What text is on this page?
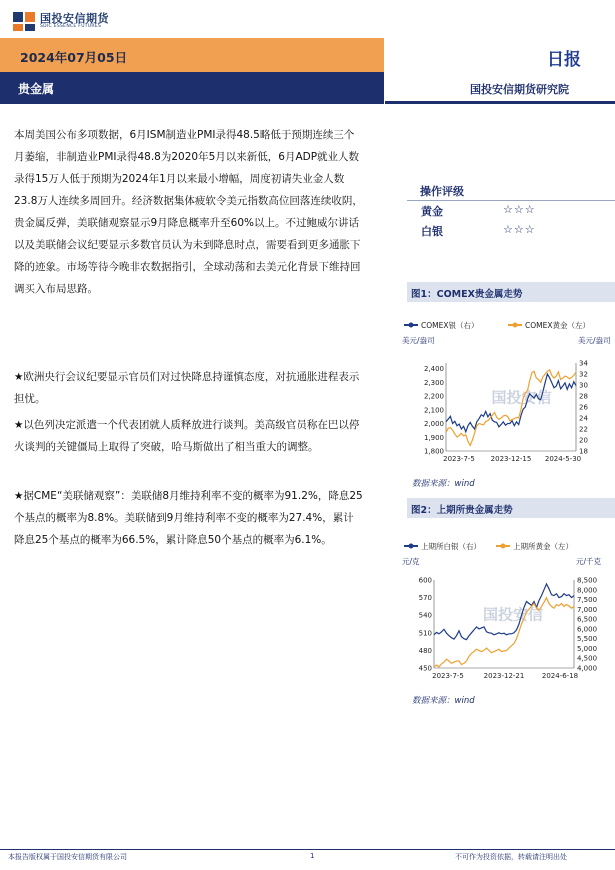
国投安信期货
SDIC ESSENCE FUTURES
2024年07月05日	日报
贵金属	国投安信期货研究院

本周美国公布多项数据，6月ISM制造业PMI录得48.5略低于预期连续三个月萎缩，非制造业PMI录得48.8为2020年5月以来新低，6月ADP就业人数录得15万人低于预期为2024年1月以来最小增幅，周度初请失业金人数23.8万人连续多周回升。经济数据集体疲软令美元指数高位回落连续收阴，贵金属反弹，美联储观察显示9月降息概率升至60%以上。不过鲍威尔讲话以及美联储会议纪要显示多数官员认为未到降息时点，需要看到更多通胀下降的迹象。市场等待今晚非农数据指引，全球动荡和去美元化背景下维持回调买入布局思路。

★欧洲央行会议纪要显示官员们对过快降息持谨慎态度，对抗通胀进程表示担忧。

★以色列决定派遣一个代表团就人质释放进行谈判。美高级官员称在巴以停火谈判的关键僵局上取得了突破，哈马斯做出了相当重大的调整。

★据CME“美联储观察”：美联储8月维持利率不变的概率为91.2%，降息25个基点的概率为8.8%。美联储到9月维持利率不变的概率为27.4%，累计降息25个基点的概率为66.5%，累计降息50个基点的概率为6.1%。

操作评级
黄金	☆☆☆
白银	☆☆☆
图1：COMEX贵金属走势
COMEX银（右）	COMEX黄金（左）
美元/盎司	美元/盎司
国投安信
1,800
1,900
2,000
2,100
2,200
2,300
2,400
18
20
22
24
26
28
30
32
34
2023-7-5 2023-12-15 2024-5-30
数据来源：wind
图2：上期所贵金属走势
上期所白银（右）	上期所黄金（左）
元/克	元/千克
国投安信
450
480
510
540
570
600
4,000
4,500
5,000
5,500
6,000
6,500
7,000
7,500
8,000
8,500
2023-7-5	2023-12-21	2024-6-18
数据来源：wind
本报告版权属于国投安信期货有限公司	1	不可作为投资依据，转载请注明出处
